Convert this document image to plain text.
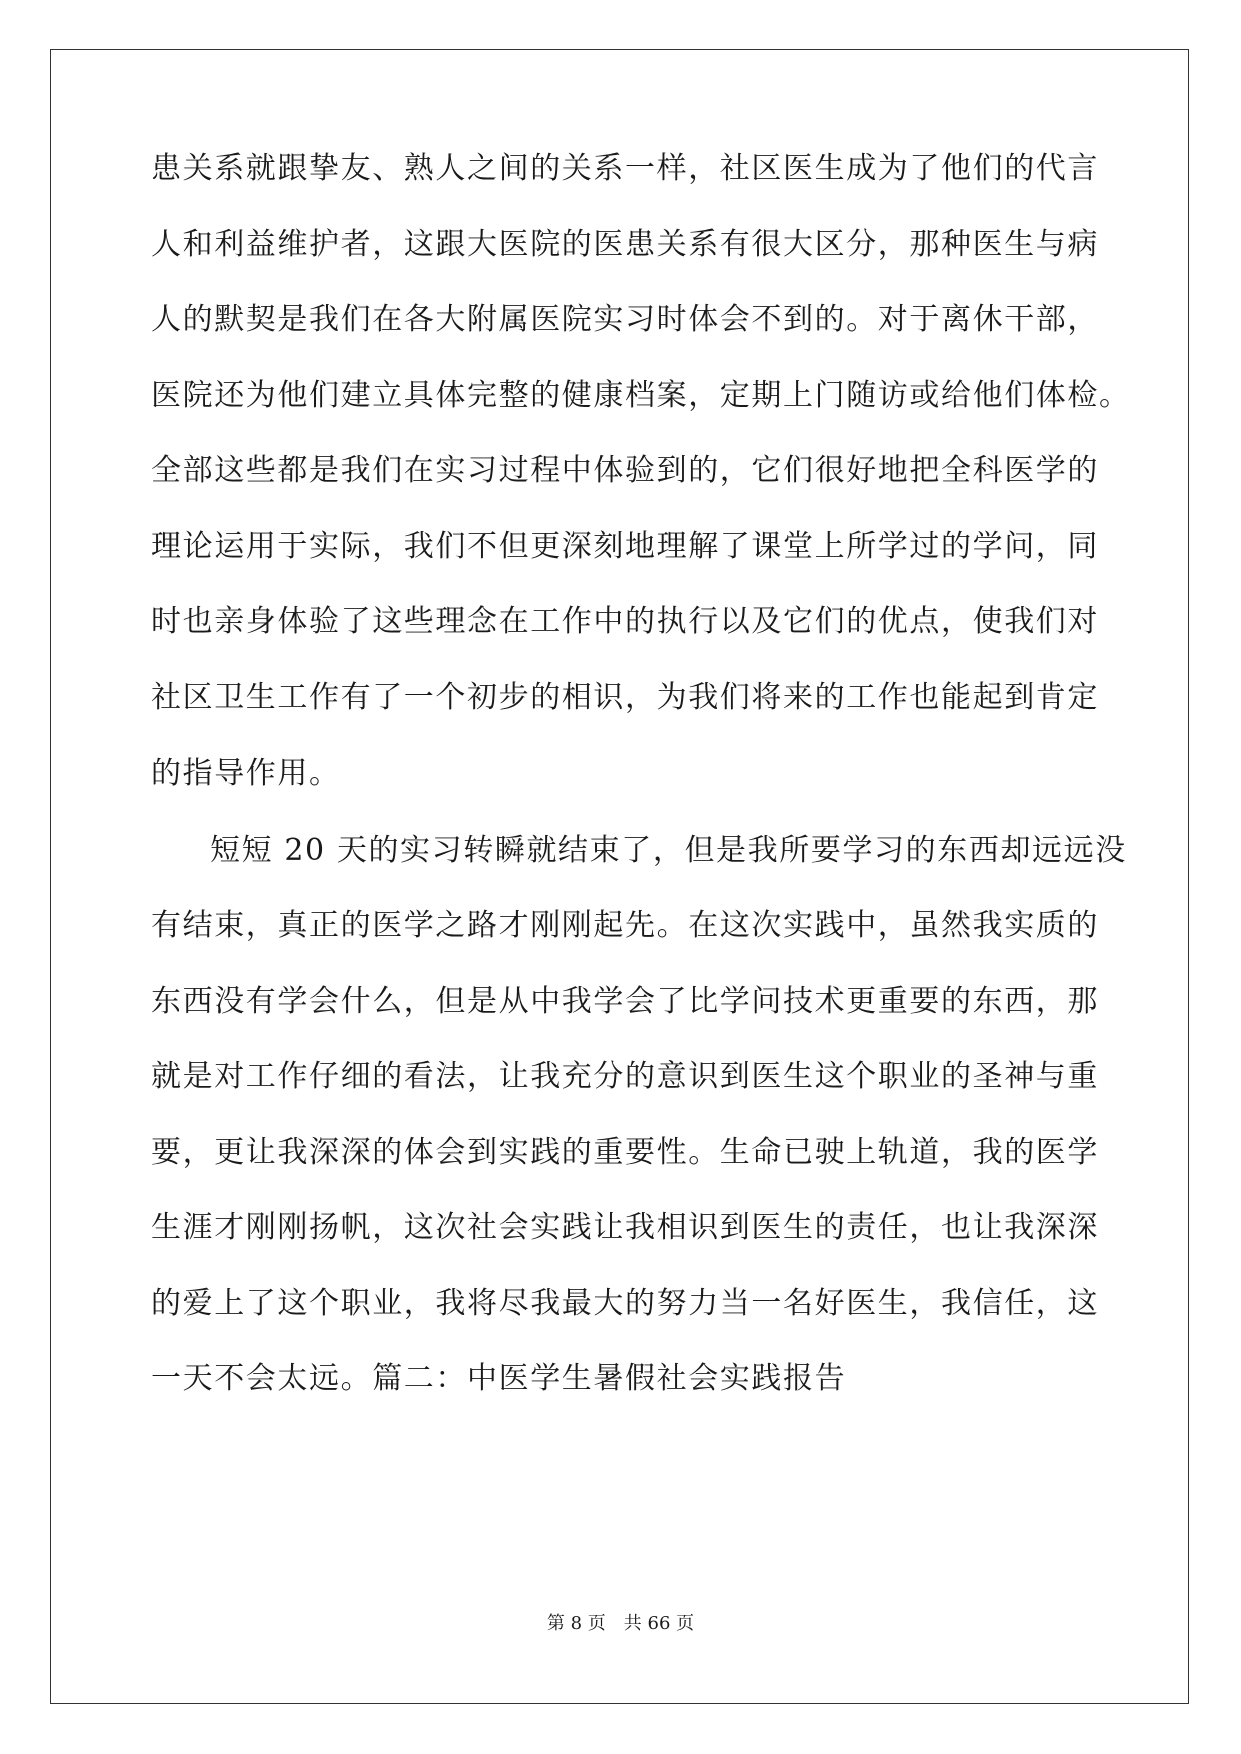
患关系就跟挚友、熟人之间的关系一样，社区医生成为了他们的代言
人和利益维护者，这跟大医院的医患关系有很大区分，那种医生与病
人的默契是我们在各大附属医院实习时体会不到的。对于离休干部，
医院还为他们建立具体完整的健康档案，定期上门随访或给他们体检。
全部这些都是我们在实习过程中体验到的，它们很好地把全科医学的
理论运用于实际，我们不但更深刻地理解了课堂上所学过的学问，同
时也亲身体验了这些理念在工作中的执行以及它们的优点，使我们对
社区卫生工作有了一个初步的相识，为我们将来的工作也能起到肯定
的指导作用。
短短 20 天的实习转瞬就结束了，但是我所要学习的东西却远远没
有结束，真正的医学之路才刚刚起先。在这次实践中，虽然我实质的
东西没有学会什么，但是从中我学会了比学问技术更重要的东西，那
就是对工作仔细的看法，让我充分的意识到医生这个职业的圣神与重
要，更让我深深的体会到实践的重要性。生命已驶上轨道，我的医学
生涯才刚刚扬帆，这次社会实践让我相识到医生的责任，也让我深深
的爱上了这个职业，我将尽我最大的努力当一名好医生，我信任，这
一天不会太远。篇二：中医学生暑假社会实践报告
第 8 页 共 66 页
